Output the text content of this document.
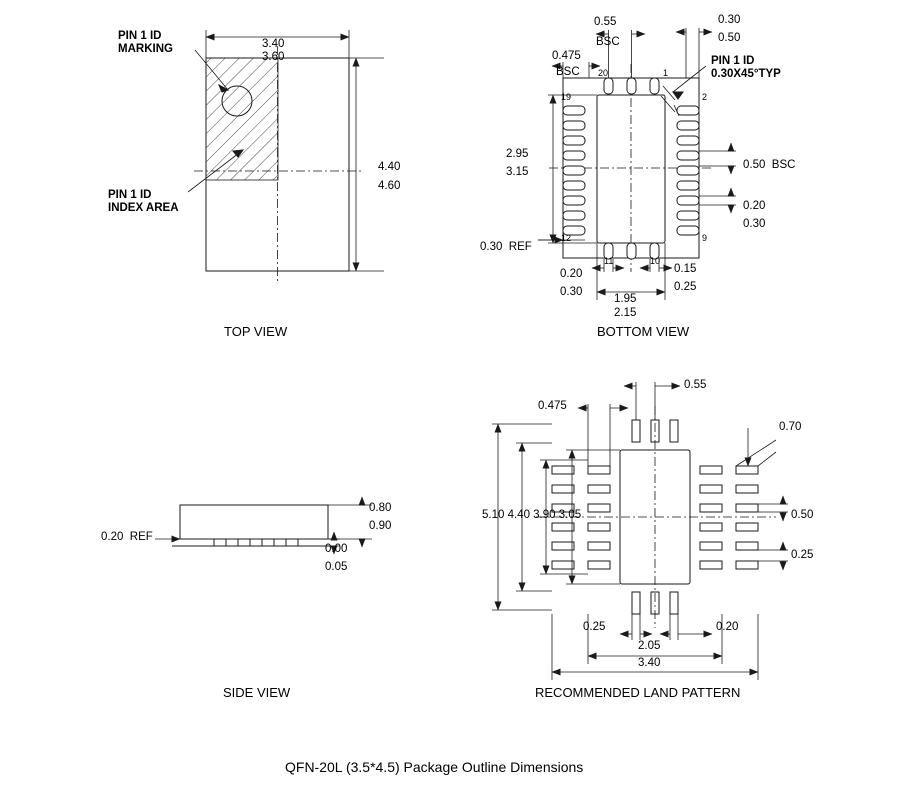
PIN 1 ID
MARKING
PIN 1 ID
INDEX AREA
3.40
3.60
4.40
4.60
TOP VIEW
0.55
BSC
0.30
0.50
0.475
BSC
PIN 1 ID
0.30X45°TYP
2.95
3.15
0.50  BSC
0.20
0.30
0.30  REF
0.20
0.30
0.15
0.25
1.95
2.15
20	1
19	2
12	9
11	10
BOTTOM VIEW
0.20  REF
0.80
0.90
0.00
0.05
SIDE VIEW
0.55
0.475
0.70
5.10 4.40 3.90 3.05	0.50
0.25
0.25	0.20
2.05
3.40
RECOMMENDED LAND PATTERN
QFN-20L (3.5*4.5) Package Outline Dimensions
